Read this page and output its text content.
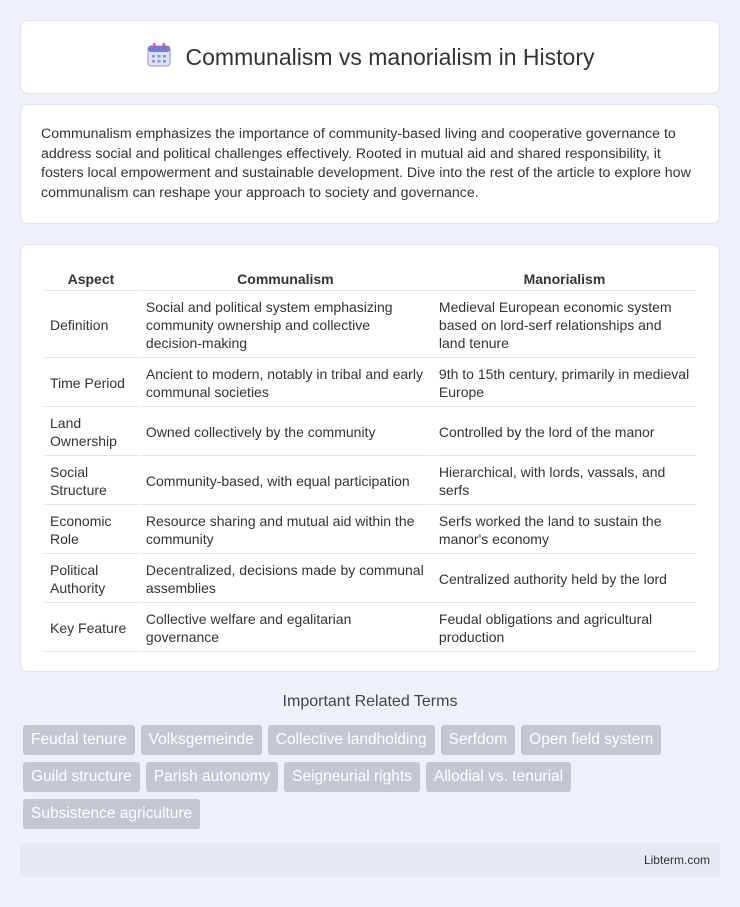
Communalism vs manorialism in History

Communalism emphasizes the importance of community-based living and cooperative governance to address social and political challenges effectively. Rooted in mutual aid and shared responsibility, it fosters local empowerment and sustainable development. Dive into the rest of the article to explore how communalism can reshape your approach to society and governance.

Aspect	Communalism	Manorialism
Definition	Social and political system emphasizing community ownership and collective decision-making	Medieval European economic system based on lord-serf relationships and land tenure
Time Period	Ancient to modern, notably in tribal and early communal societies	9th to 15th century, primarily in medieval Europe
Land Ownership	Owned collectively by the community	Controlled by the lord of the manor
Social Structure	Community-based, with equal participation	Hierarchical, with lords, vassals, and serfs
Economic Role	Resource sharing and mutual aid within the community	Serfs worked the land to sustain the manor's economy
Political Authority	Decentralized, decisions made by communal assemblies	Centralized authority held by the lord
Key Feature	Collective welfare and egalitarian governance	Feudal obligations and agricultural production
Important Related Terms
Feudal tenure	Volksgemeinde	Collective landholding	Serfdom	Open field system
Guild structure	Parish autonomy	Seigneurial rights	Allodial vs. tenurial
Subsistence agriculture
Libterm.com
